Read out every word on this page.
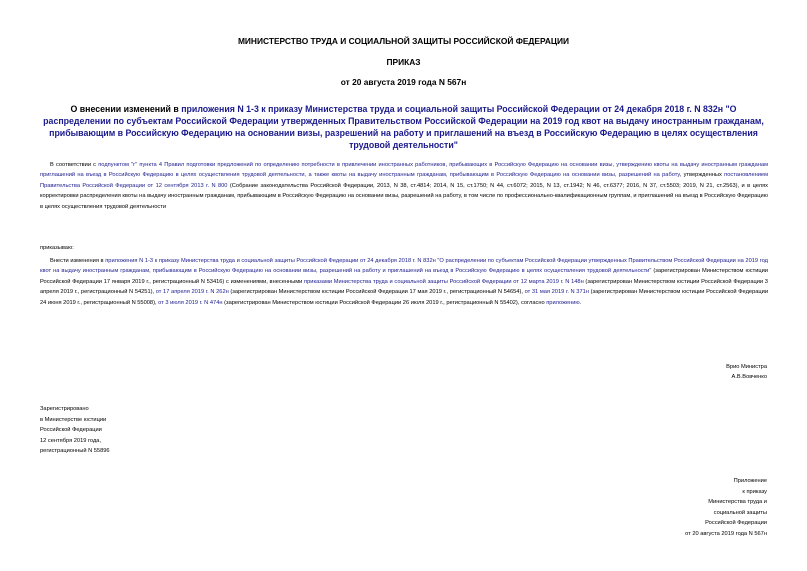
МИНИСТЕРСТВО ТРУДА И СОЦИАЛЬНОЙ ЗАЩИТЫ РОССИЙСКОЙ ФЕДЕРАЦИИ
ПРИКАЗ
от 20 августа 2019 года N 567н
О внесении изменений в приложения N 1-3 к приказу Министерства труда и социальной защиты Российской Федерации от 24 декабря 2018 г. N 832н "О распределении по субъектам Российской Федерации утвержденных Правительством Российской Федерации на 2019 год квот на выдачу иностранным гражданам, прибывающим в Российскую Федерацию на основании визы, разрешений на работу и приглашений на въезд в Российскую Федерацию в целях осуществления трудовой деятельности"
В соответствии с подпунктом "г" пункта 4 Правил подготовки предложений по определению потребности в привлечении иностранных работников, прибывающих в Российскую Федерацию на основании визы, утверждению квоты на выдачу иностранным гражданам приглашений на въезд в Российскую Федерацию в целях осуществления трудовой деятельности, а также квоты на выдачу иностранным гражданам, прибывающим в Российскую Федерацию на основании визы, разрешений на работу, утвержденных постановлением Правительства Российской Федерации от 12 сентября 2013 г. N 800 (Собрание законодательства Российской Федерации, 2013, N 38, ст.4814; 2014, N 15, ст.1750; N 44, ст.6072; 2015, N 13, ст.1942; N 46, ст.6377; 2016, N 37, ст.5503; 2019, N 21, ст.2563), и в целях корректировки распределения квоты на выдачу иностранным гражданам, прибывающим в Российскую Федерацию на основании визы, разрешений на работу, в том числе по профессионально-квалификационным группам, и приглашений на въезд в Российскую Федерацию в целях осуществления трудовой деятельности
приказываю:
Внести изменения в приложения N 1-3 к приказу Министерства труда и социальной защиты Российской Федерации от 24 декабря 2018 г. N 832н "О распределении по субъектам Российской Федерации утвержденных Правительством Российской Федерации на 2019 год квот на выдачу иностранным гражданам, прибывающим в Российскую Федерацию на основании визы, разрешений на работу и приглашений на въезд в Российскую Федерацию в целях осуществления трудовой деятельности" (зарегистрирован Министерством юстиции Российской Федерации 17 января 2019 г., регистрационный N 53416) с изменениями, внесенными приказами Министерства труда и социальной защиты Российской Федерации от 12 марта 2019 г. N 148н (зарегистрирован Министерством юстиции Российской Федерации 3 апреля 2019 г., регистрационный N 54251), от 17 апреля 2019 г. N 262н (зарегистрирован Министерством юстиции Российской Федерации 17 мая 2019 г., регистрационный N 54654), от 31 мая 2019 г. N 371н (зарегистрирован Министерством юстиции Российской Федерации 24 июня 2019 г., регистрационный N 55008), от 3 июля 2019 г. N 474н (зарегистрирован Министерством юстиции Российской Федерации 26 июля 2019 г., регистрационный N 55402), согласно приложению.
Врио Министра
А.В.Вовченко
Зарегистрировано
в Министерстве юстиции
Российской Федерации
12 сентября 2019 года,
регистрационный N 55896
Приложение
к приказу
Министерства труда и
социальной защиты
Российской Федерации
от 20 августа 2019 года N 567н
